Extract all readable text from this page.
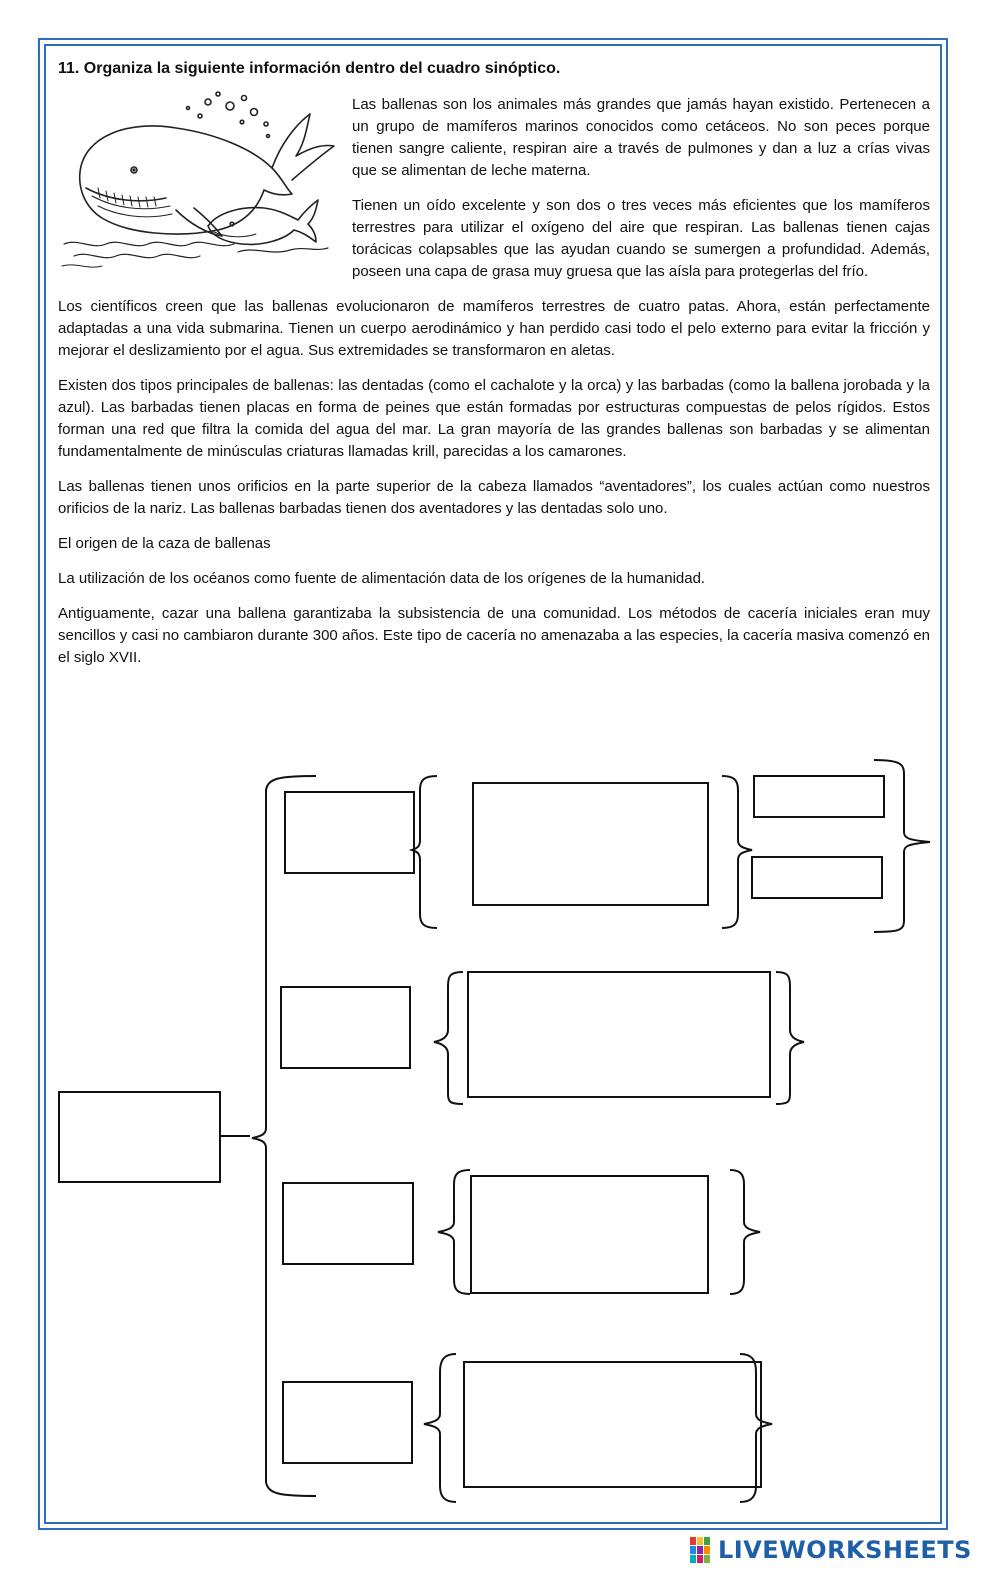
11. Organiza la siguiente información dentro del cuadro sinóptico.

Las ballenas son los animales más grandes que jamás hayan existido. Pertenecen a un grupo de mamíferos marinos conocidos como cetáceos. No son peces porque tienen sangre caliente, respiran aire a través de pulmones y dan a luz a crías vivas que se alimentan de leche materna.

Tienen un oído excelente y son dos o tres veces más eficientes que los mamíferos terrestres para utilizar el oxígeno del aire que respiran. Las ballenas tienen cajas torácicas colapsables que las ayudan cuando se sumergen a profundidad. Además, poseen una capa de grasa muy gruesa que las aísla para protegerlas del frío.

Los científicos creen que las ballenas evolucionaron de mamíferos terrestres de cuatro patas. Ahora, están perfectamente adaptadas a una vida submarina. Tienen un cuerpo aerodinámico y han perdido casi todo el pelo externo para evitar la fricción y mejorar el deslizamiento por el agua. Sus extremidades se transformaron en aletas.

Existen dos tipos principales de ballenas: las dentadas (como el cachalote y la orca) y las barbadas (como la ballena jorobada y la azul). Las barbadas tienen placas en forma de peines que están formadas por estructuras compuestas de pelos rígidos. Estos forman una red que filtra la comida del agua del mar. La gran mayoría de las grandes ballenas son barbadas y se alimentan fundamentalmente de minúsculas criaturas llamadas krill, parecidas a los camarones.

Las ballenas tienen unos orificios en la parte superior de la cabeza llamados “aventadores”, los cuales actúan como nuestros orificios de la nariz. Las ballenas barbadas tienen dos aventadores y las dentadas solo uno.

El origen de la caza de ballenas

La utilización de los océanos como fuente de alimentación data de los orígenes de la humanidad.

Antiguamente, cazar una ballena garantizaba la subsistencia de una comunidad. Los métodos de cacería iniciales eran muy sencillos y casi no cambiaron durante 300 años. Este tipo de cacería no amenazaba a las especies, la cacería masiva comenzó en el siglo XVII.

LIVEWORKSHEETS
